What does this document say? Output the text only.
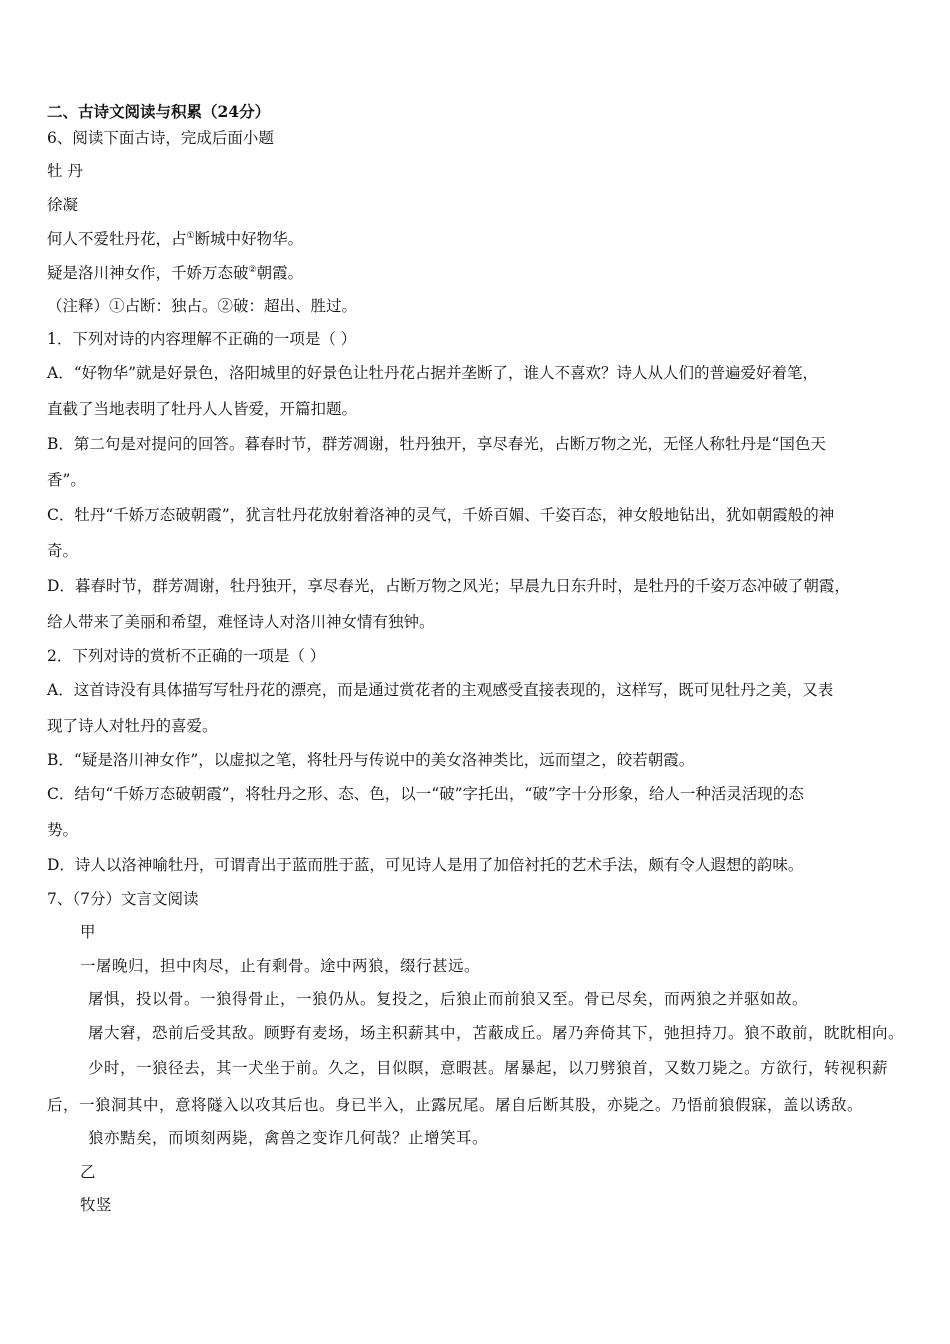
二、古诗文阅读与积累（24分）
6、阅读下面古诗，完成后面小题
牡 丹
徐凝
何人不爱牡丹花，占①断城中好物华。
疑是洛川神女作，千娇万态破②朝霞。
（注释）①占断：独占。②破：超出、胜过。
1．下列对诗的内容理解不正确的一项是（ ）
A．“好物华”就是好景色，洛阳城里的好景色让牡丹花占据并垄断了，谁人不喜欢？诗人从人们的普遍爱好着笔，
直截了当地表明了牡丹人人皆爱，开篇扣题。
B．第二句是对提问的回答。暮春时节，群芳凋谢，牡丹独开，享尽春光，占断万物之光，无怪人称牡丹是“国色天
香”。
C．牡丹“千娇万态破朝霞”，犹言牡丹花放射着洛神的灵气，千娇百媚、千姿百态，神女般地钻出，犹如朝霞般的神
奇。
D．暮春时节，群芳凋谢，牡丹独开，享尽春光，占断万物之风光；早晨九日东升时，是牡丹的千姿万态冲破了朝霞，
给人带来了美丽和希望，难怪诗人对洛川神女情有独钟。
2．下列对诗的赏析不正确的一项是（ ）
A．这首诗没有具体描写写牡丹花的漂亮，而是通过赏花者的主观感受直接表现的，这样写，既可见牡丹之美，又表
现了诗人对牡丹的喜爱。
B．“疑是洛川神女作”，以虚拟之笔，将牡丹与传说中的美女洛神类比，远而望之，皎若朝霞。
C．结句“千娇万态破朝霞”，将牡丹之形、态、色，以一“破”字托出，“破”字十分形象，给人一种活灵活现的态
势。
D．诗人以洛神喻牡丹，可谓青出于蓝而胜于蓝，可见诗人是用了加倍衬托的艺术手法，颇有令人遐想的韵味。
7、（7分）文言文阅读
甲
一屠晚归，担中肉尽，止有剩骨。途中两狼，缀行甚远。
屠惧，投以骨。一狼得骨止，一狼仍从。复投之，后狼止而前狼又至。骨已尽矣，而两狼之并驱如故。
屠大窘，恐前后受其敌。顾野有麦场，场主积薪其中，苫蔽成丘。屠乃奔倚其下，弛担持刀。狼不敢前，眈眈相向。
少时，一狼径去，其一犬坐于前。久之，目似瞑，意暇甚。屠暴起，以刀劈狼首，又数刀毙之。方欲行，转视积薪
后，一狼洞其中，意将隧入以攻其后也。身已半入，止露尻尾。屠自后断其股，亦毙之。乃悟前狼假寐，盖以诱敌。
狼亦黠矣，而顷刻两毙，禽兽之变诈几何哉？止增笑耳。
乙
牧竖
